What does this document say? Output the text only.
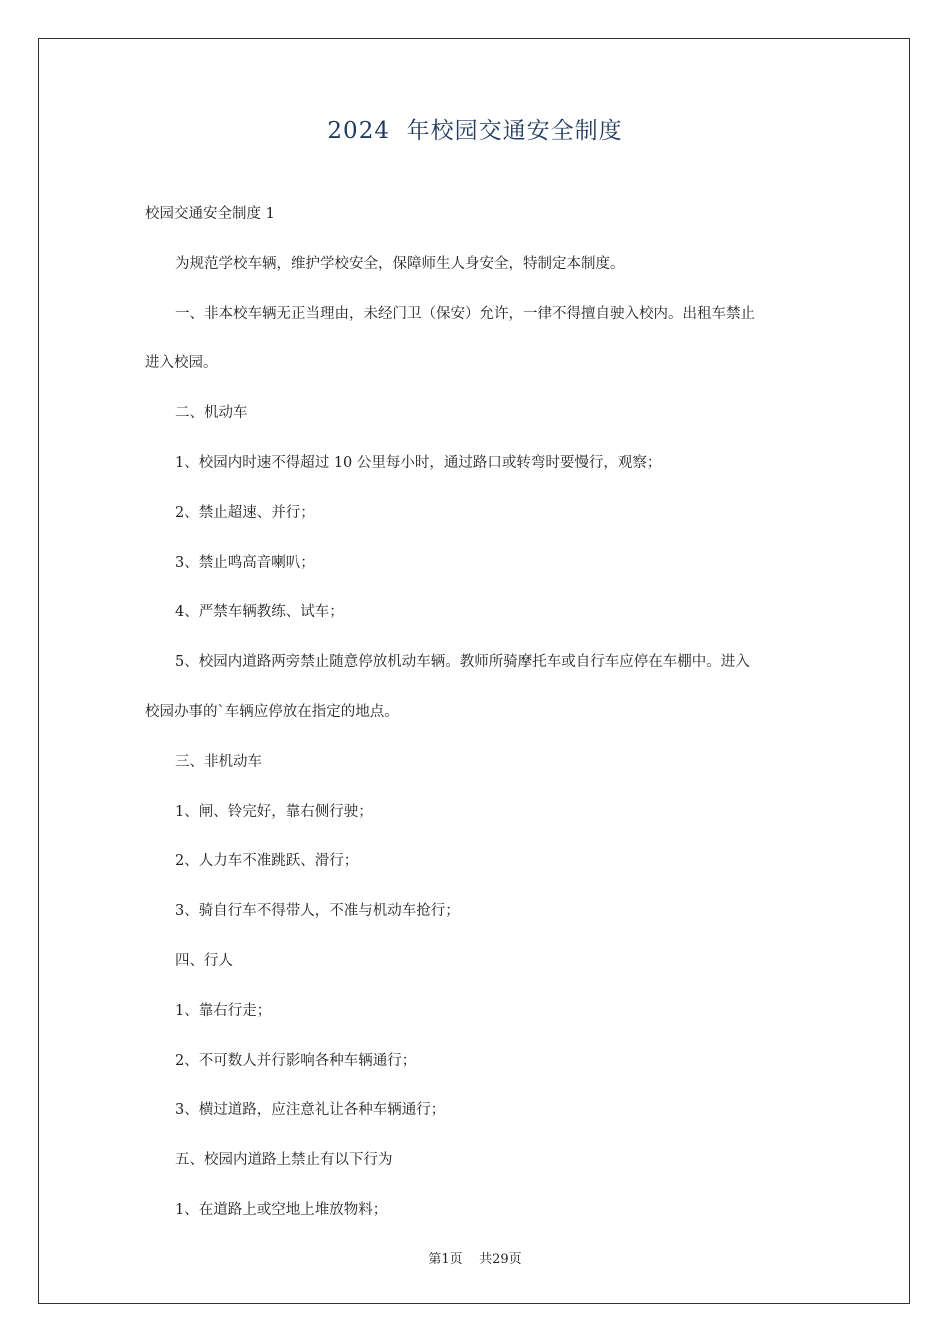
2024  年校园交通安全制度

校园交通安全制度 1

为规范学校车辆，维护学校安全，保障师生人身安全，特制定本制度。

一、非本校车辆无正当理由，未经门卫（保安）允许，一律不得擅自驶入校内。出租车禁止

进入校园。

二、机动车

1、校园内时速不得超过 10 公里每小时，通过路口或转弯时要慢行，观察；

2、禁止超速、并行；

3、禁止鸣高音喇叭；

4、严禁车辆教练、试车；

5、校园内道路两旁禁止随意停放机动车辆。教师所骑摩托车或自行车应停在车棚中。进入

校园办事的`车辆应停放在指定的地点。

三、非机动车

1、闸、铃完好，靠右侧行驶；

2、人力车不准跳跃、滑行；

3、骑自行车不得带人，不准与机动车抢行；

四、行人

1、靠右行走；

2、不可数人并行影响各种车辆通行；

3、横过道路，应注意礼让各种车辆通行；

五、校园内道路上禁止有以下行为

1、在道路上或空地上堆放物料；

第1页    共29页
